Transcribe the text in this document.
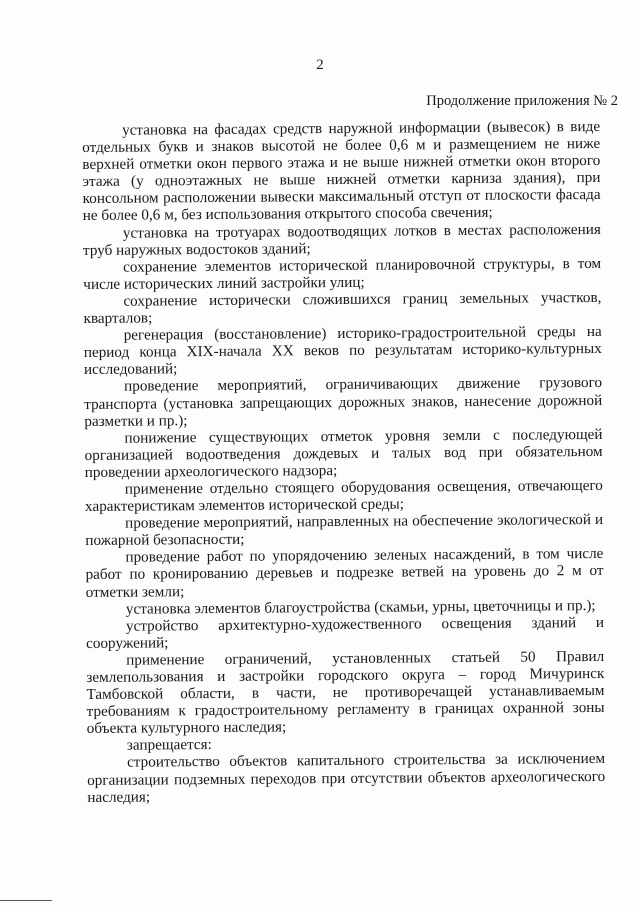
2
Продолжение приложения № 2

установка на фасадах средств наружной информации (вывесок) в виде отдельных букв и знаков высотой не более 0,6 м и размещением не ниже верхней отметки окон первого этажа и не выше нижней отметки окон второго этажа (у одноэтажных не выше нижней отметки карниза здания), при консольном расположении вывески максимальный отступ от плоскости фасада не более 0,6 м, без использования открытого способа свечения;

установка на тротуарах водоотводящих лотков в местах расположения труб наружных водостоков зданий;

сохранение элементов исторической планировочной структуры, в том числе исторических линий застройки улиц;

сохранение исторически сложившихся границ земельных участков, кварталов;

регенерация (восстановление) историко-градостроительной среды на период конца XIX-начала XX веков по результатам историко-культурных исследований;

проведение мероприятий, ограничивающих движение грузового транспорта (установка запрещающих дорожных знаков, нанесение дорожной разметки и пр.);

понижение существующих отметок уровня земли с последующей организацией водоотведения дождевых и талых вод при обязательном проведении археологического надзора;

применение отдельно стоящего оборудования освещения, отвечающего характеристикам элементов исторической среды;

проведение мероприятий, направленных на обеспечение экологической и пожарной безопасности;

проведение работ по упорядочению зеленых насаждений, в том числе работ по кронированию деревьев и подрезке ветвей на уровень до 2 м от отметки земли;

установка элементов благоустройства (скамьи, урны, цветочницы и пр.);

устройство архитектурно-художественного освещения зданий и сооружений;

применение ограничений, установленных статьей 50 Правил землепользования и застройки городского округа – город Мичуринск Тамбовской области, в части, не противоречащей устанавливаемым требованиям к градостроительному регламенту в границах охранной зоны объекта культурного наследия;

запрещается:

строительство объектов капитального строительства за исключением организации подземных переходов при отсутствии объектов археологического наследия;
